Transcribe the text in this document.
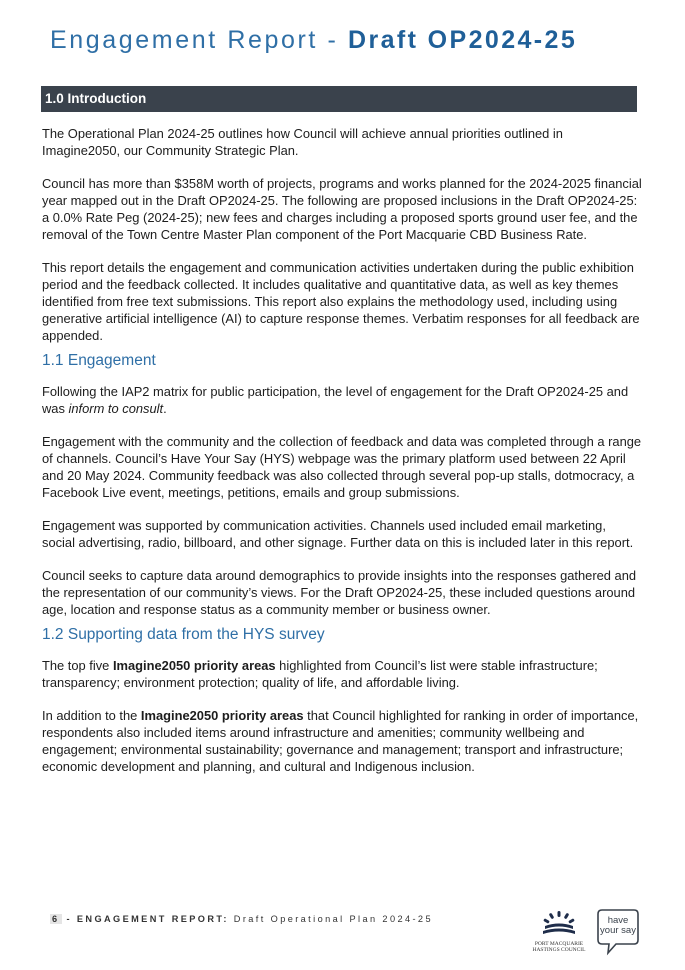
Engagement Report - Draft OP2024-25
1.0 Introduction

The Operational Plan 2024-25 outlines how Council will achieve annual priorities outlined in Imagine2050, our Community Strategic Plan.

Council has more than $358M worth of projects, programs and works planned for the 2024-2025 financial year mapped out in the Draft OP2024-25. The following are proposed inclusions in the Draft OP2024-25: a 0.0% Rate Peg (2024-25); new fees and charges including a proposed sports ground user fee, and the removal of the Town Centre Master Plan component of the Port Macquarie CBD Business Rate.

This report details the engagement and communication activities undertaken during the public exhibition period and the feedback collected. It includes qualitative and quantitative data, as well as key themes identified from free text submissions. This report also explains the methodology used, including using generative artificial intelligence (AI) to capture response themes. Verbatim responses for all feedback are appended.

1.1 Engagement

Following the IAP2 matrix for public participation, the level of engagement for the Draft OP2024-25 and was inform to consult.

Engagement with the community and the collection of feedback and data was completed through a range of channels. Council’s Have Your Say (HYS) webpage was the primary platform used between 22 April and 20 May 2024. Community feedback was also collected through several pop-up stalls, dotmocracy, a Facebook Live event, meetings, petitions, emails and group submissions.

Engagement was supported by communication activities. Channels used included email marketing, social advertising, radio, billboard, and other signage. Further data on this is included later in this report.

Council seeks to capture data around demographics to provide insights into the responses gathered and the representation of our community’s views. For the Draft OP2024-25, these included questions around age, location and response status as a community member or business owner.

1.2 Supporting data from the HYS survey

The top five Imagine2050 priority areas highlighted from Council’s list were stable infrastructure; transparency; environment protection; quality of life, and affordable living.

In addition to the Imagine2050 priority areas that Council highlighted for ranking in order of importance, respondents also included items around infrastructure and amenities; community wellbeing and engagement; environmental sustainability; governance and management; transport and infrastructure; economic development and planning, and cultural and Indigenous inclusion.

6 - ENGAGEMENT REPORT: Draft Operational Plan 2024-25
PORT MACQUARIE
HASTINGS COUNCIL
have
your say
